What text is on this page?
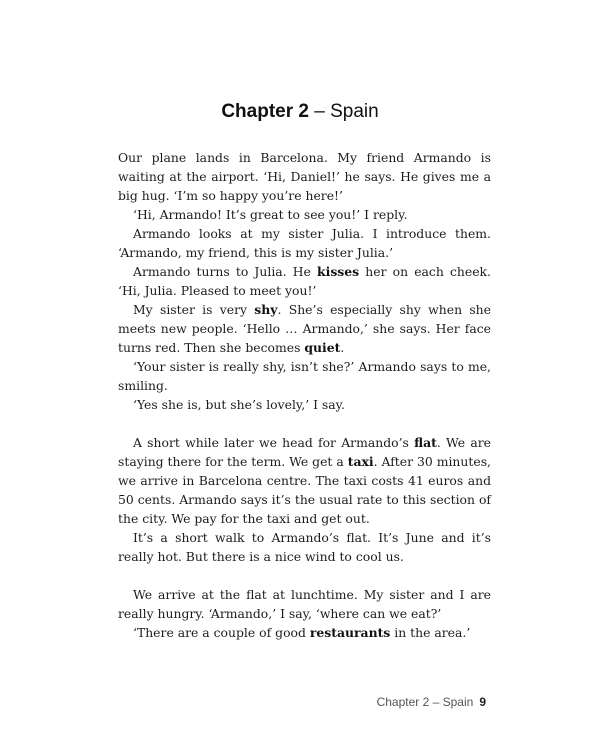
Chapter 2 – Spain

Our plane lands in Barcelona. My friend Armando is waiting at the airport. ‘Hi, Daniel!’ he says. He gives me a big hug. ‘I’m so happy you’re here!’

‘Hi, Armando! It’s great to see you!’ I reply.

Armando looks at my sister Julia. I introduce them. ‘Armando, my friend, this is my sister Julia.’

Armando turns to Julia. He kisses her on each cheek. ‘Hi, Julia. Pleased to meet you!’

My sister is very shy. She’s especially shy when she meets new people. ‘Hello … Armando,’ she says. Her face turns red. Then she becomes quiet.

‘Your sister is really shy, isn’t she?’ Armando says to me, smiling.

‘Yes she is, but she’s lovely,’ I say.

A short while later we head for Armando’s flat. We are staying there for the term. We get a taxi. After 30 minutes, we arrive in Barcelona centre. The taxi costs 41 euros and 50 cents. Armando says it’s the usual rate to this section of the city. We pay for the taxi and get out.

It’s a short walk to Armando’s flat. It’s June and it’s really hot. But there is a nice wind to cool us.

We arrive at the flat at lunchtime. My sister and I are really hungry. ‘Armando,’ I say, ‘where can we eat?’

‘There are a couple of good restaurants in the area.’

Chapter 2 – Spain 9
